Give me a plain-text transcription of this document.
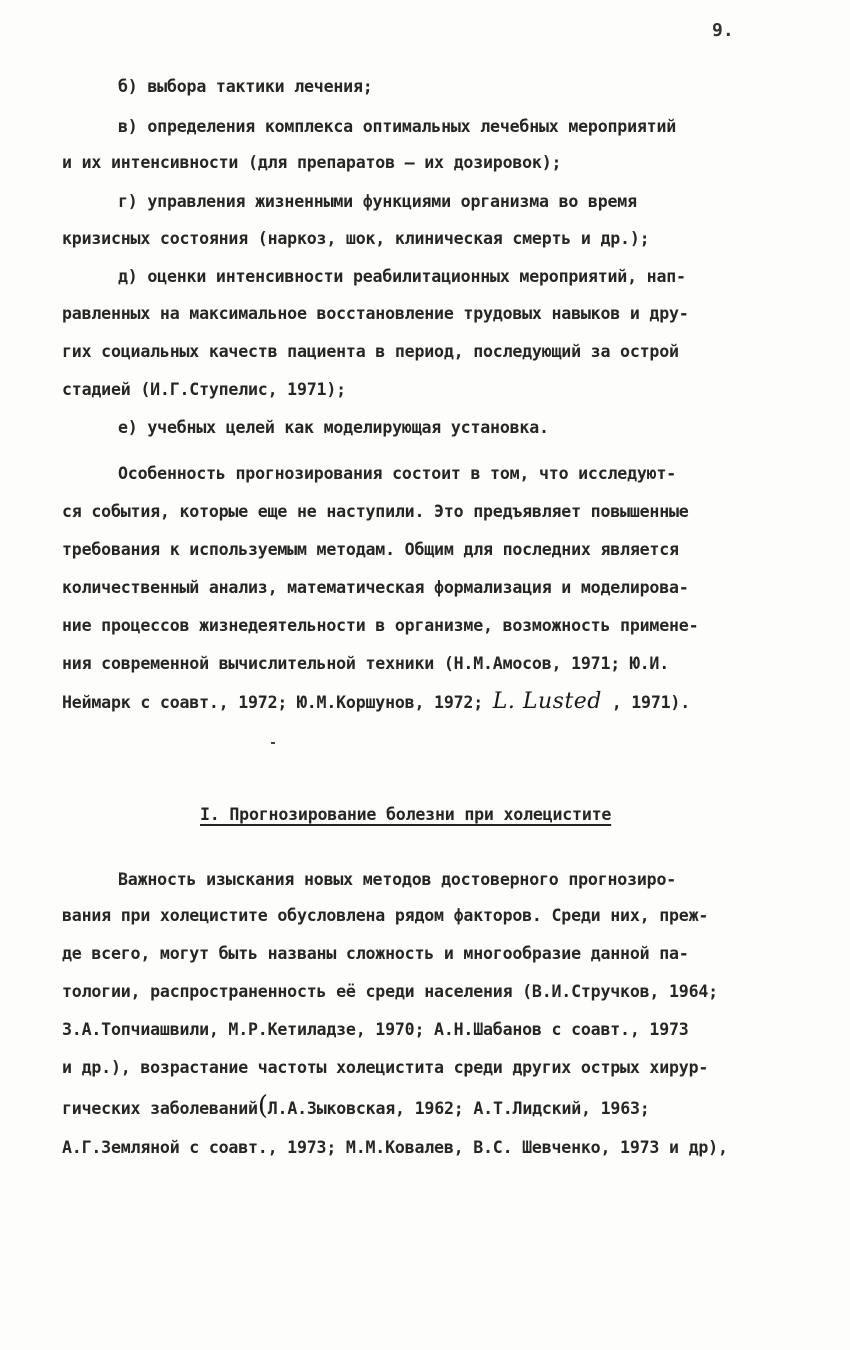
9.
б) выбора тактики лечения;
в) определения комплекса оптимальных лечебных мероприятий
и их интенсивности (для препаратов – их дозировок);
г) управления жизненными функциями организма во время
кризисных состояния (наркоз, шок, клиническая смерть и др.);
д) оценки интенсивности реабилитационных мероприятий, нап-
равленных на максимальное восстановление трудовых навыков и дру-
гих социальных качеств пациента в период, последующий за острой
стадией (И.Г.Ступелис, 1971);
е) учебных целей как моделирующая установка.
Особенность прогнозирования состоит в том, что исследуют-
ся события, которые еще не наступили. Это предъявляет повышенные
требования к используемым методам. Общим для последних является
количественный анализ, математическая формализация и моделирова-
ние процессов жизнедеятельности в организме, возможность примене-
ния современной вычислительной техники (Н.М.Амосов, 1971; Ю.И.
Неймарк с соавт., 1972; Ю.М.Коршунов, 1972; L. Lusted , 1971).
I. Прогнозирование болезни при холецистите
Важность изыскания новых методов достоверного прогнозиро-
вания при холецистите обусловлена рядом факторов. Среди них, преж-
де всего, могут быть названы сложность и многообразие данной па-
тологии, распространенность её среди населения (В.И.Стручков, 1964;
З.А.Топчиашвили, М.Р.Кетиладзе, 1970; А.Н.Шабанов с соавт., 1973
и др.), возрастание частоты холецистита среди других острых хирур-
гических заболеваний(Л.А.Зыковская, 1962; А.Т.Лидский, 1963;
А.Г.Земляной с соавт., 1973; М.М.Ковалев, В.С. Шевченко, 1973 и др),
